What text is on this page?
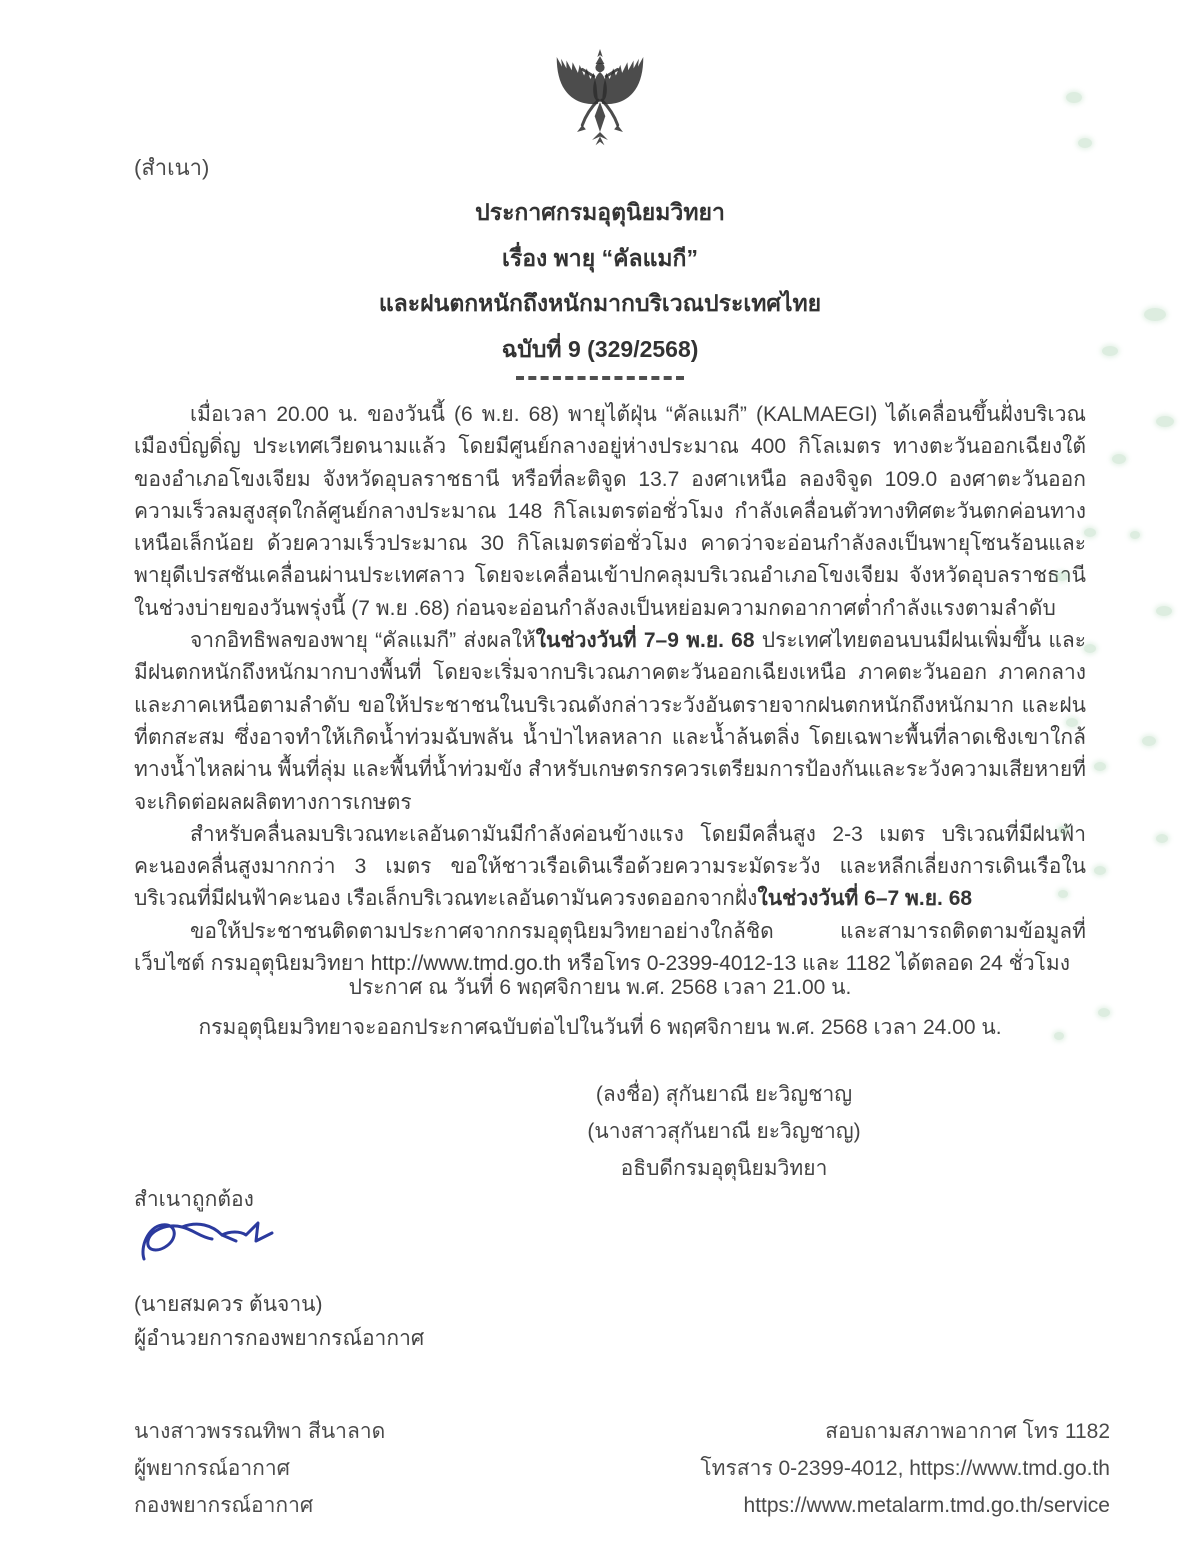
(สำเนา)
ประกาศกรมอุตุนิยมวิทยา
เรื่อง พายุ “คัลแมกี”
และฝนตกหนักถึงหนักมากบริเวณประเทศไทย
ฉบับที่ 9 (329/2568)

เมื่อเวลา 20.00 น. ของวันนี้ (6 พ.ย. 68) พายุไต้ฝุ่น “คัลแมกี” (KALMAEGI) ได้เคลื่อนขึ้นฝั่งบริเวณเมืองบิ่ญดิ่ญ ประเทศเวียดนามแล้ว โดยมีศูนย์กลางอยู่ห่างประมาณ 400 กิโลเมตร ทางตะวันออกเฉียงใต้ของอำเภอโขงเจียม จังหวัดอุบลราชธานี หรือที่ละติจูด 13.7 องศาเหนือ ลองจิจูด 109.0 องศาตะวันออก ความเร็วลมสูงสุดใกล้ศูนย์กลางประมาณ 148 กิโลเมตรต่อชั่วโมง กำลังเคลื่อนตัวทางทิศตะวันตกค่อนทางเหนือเล็กน้อย ด้วยความเร็วประมาณ 30 กิโลเมตรต่อชั่วโมง คาดว่าจะอ่อนกำลังลงเป็นพายุโซนร้อนและพายุดีเปรสชันเคลื่อนผ่านประเทศลาว โดยจะเคลื่อนเข้าปกคลุมบริเวณอำเภอโขงเจียม จังหวัดอุบลราชธานีในช่วงบ่ายของวันพรุ่งนี้ (7 พ.ย .68) ก่อนจะอ่อนกำลังลงเป็นหย่อมความกดอากาศต่ำกำลังแรงตามลำดับ

จากอิทธิพลของพายุ “คัลแมกี” ส่งผลให้ในช่วงวันที่ 7–9 พ.ย. 68 ประเทศไทยตอนบนมีฝนเพิ่มขึ้น และมีฝนตกหนักถึงหนักมากบางพื้นที่ โดยจะเริ่มจากบริเวณภาคตะวันออกเฉียงเหนือ ภาคตะวันออก ภาคกลาง และภาคเหนือตามลำดับ ขอให้ประชาชนในบริเวณดังกล่าวระวังอันตรายจากฝนตกหนักถึงหนักมาก และฝนที่ตกสะสม ซึ่งอาจทำให้เกิดน้ำท่วมฉับพลัน น้ำป่าไหลหลาก และน้ำล้นตลิ่ง โดยเฉพาะพื้นที่ลาดเชิงเขาใกล้ทางน้ำไหลผ่าน พื้นที่ลุ่ม และพื้นที่น้ำท่วมขัง สำหรับเกษตรกรควรเตรียมการป้องกันและระวังความเสียหายที่จะเกิดต่อผลผลิตทางการเกษตร

สำหรับคลื่นลมบริเวณทะเลอันดามันมีกำลังค่อนข้างแรง โดยมีคลื่นสูง 2-3 เมตร บริเวณที่มีฝนฟ้าคะนองคลื่นสูงมากกว่า 3 เมตร ขอให้ชาวเรือเดินเรือด้วยความระมัดระวัง และหลีกเลี่ยงการเดินเรือในบริเวณที่มีฝนฟ้าคะนอง เรือเล็กบริเวณทะเลอันดามันควรงดออกจากฝั่งในช่วงวันที่ 6–7 พ.ย. 68

ขอให้ประชาชนติดตามประกาศจากกรมอุตุนิยมวิทยาอย่างใกล้ชิด และสามารถติดตามข้อมูลที่เว็บไซต์ กรมอุตุนิยมวิทยา http://www.tmd.go.th หรือโทร 0-2399-4012-13 และ 1182 ได้ตลอด 24 ชั่วโมง

ประกาศ ณ วันที่ 6 พฤศจิกายน พ.ศ. 2568 เวลา 21.00 น.
กรมอุตุนิยมวิทยาจะออกประกาศฉบับต่อไปในวันที่ 6 พฤศจิกายน พ.ศ. 2568 เวลา 24.00 น.
(ลงชื่อ) สุกันยาณี ยะวิญชาญ
(นางสาวสุกันยาณี ยะวิญชาญ)
อธิบดีกรมอุตุนิยมวิทยา
สำเนาถูกต้อง
(นายสมควร ต้นจาน)
ผู้อำนวยการกองพยากรณ์อากาศ
นางสาวพรรณทิพา สีนาลาด
ผู้พยากรณ์อากาศ
กองพยากรณ์อากาศ
สอบถามสภาพอากาศ โทร 1182
โทรสาร 0-2399-4012, https://www.tmd.go.th
https://www.metalarm.tmd.go.th/service
